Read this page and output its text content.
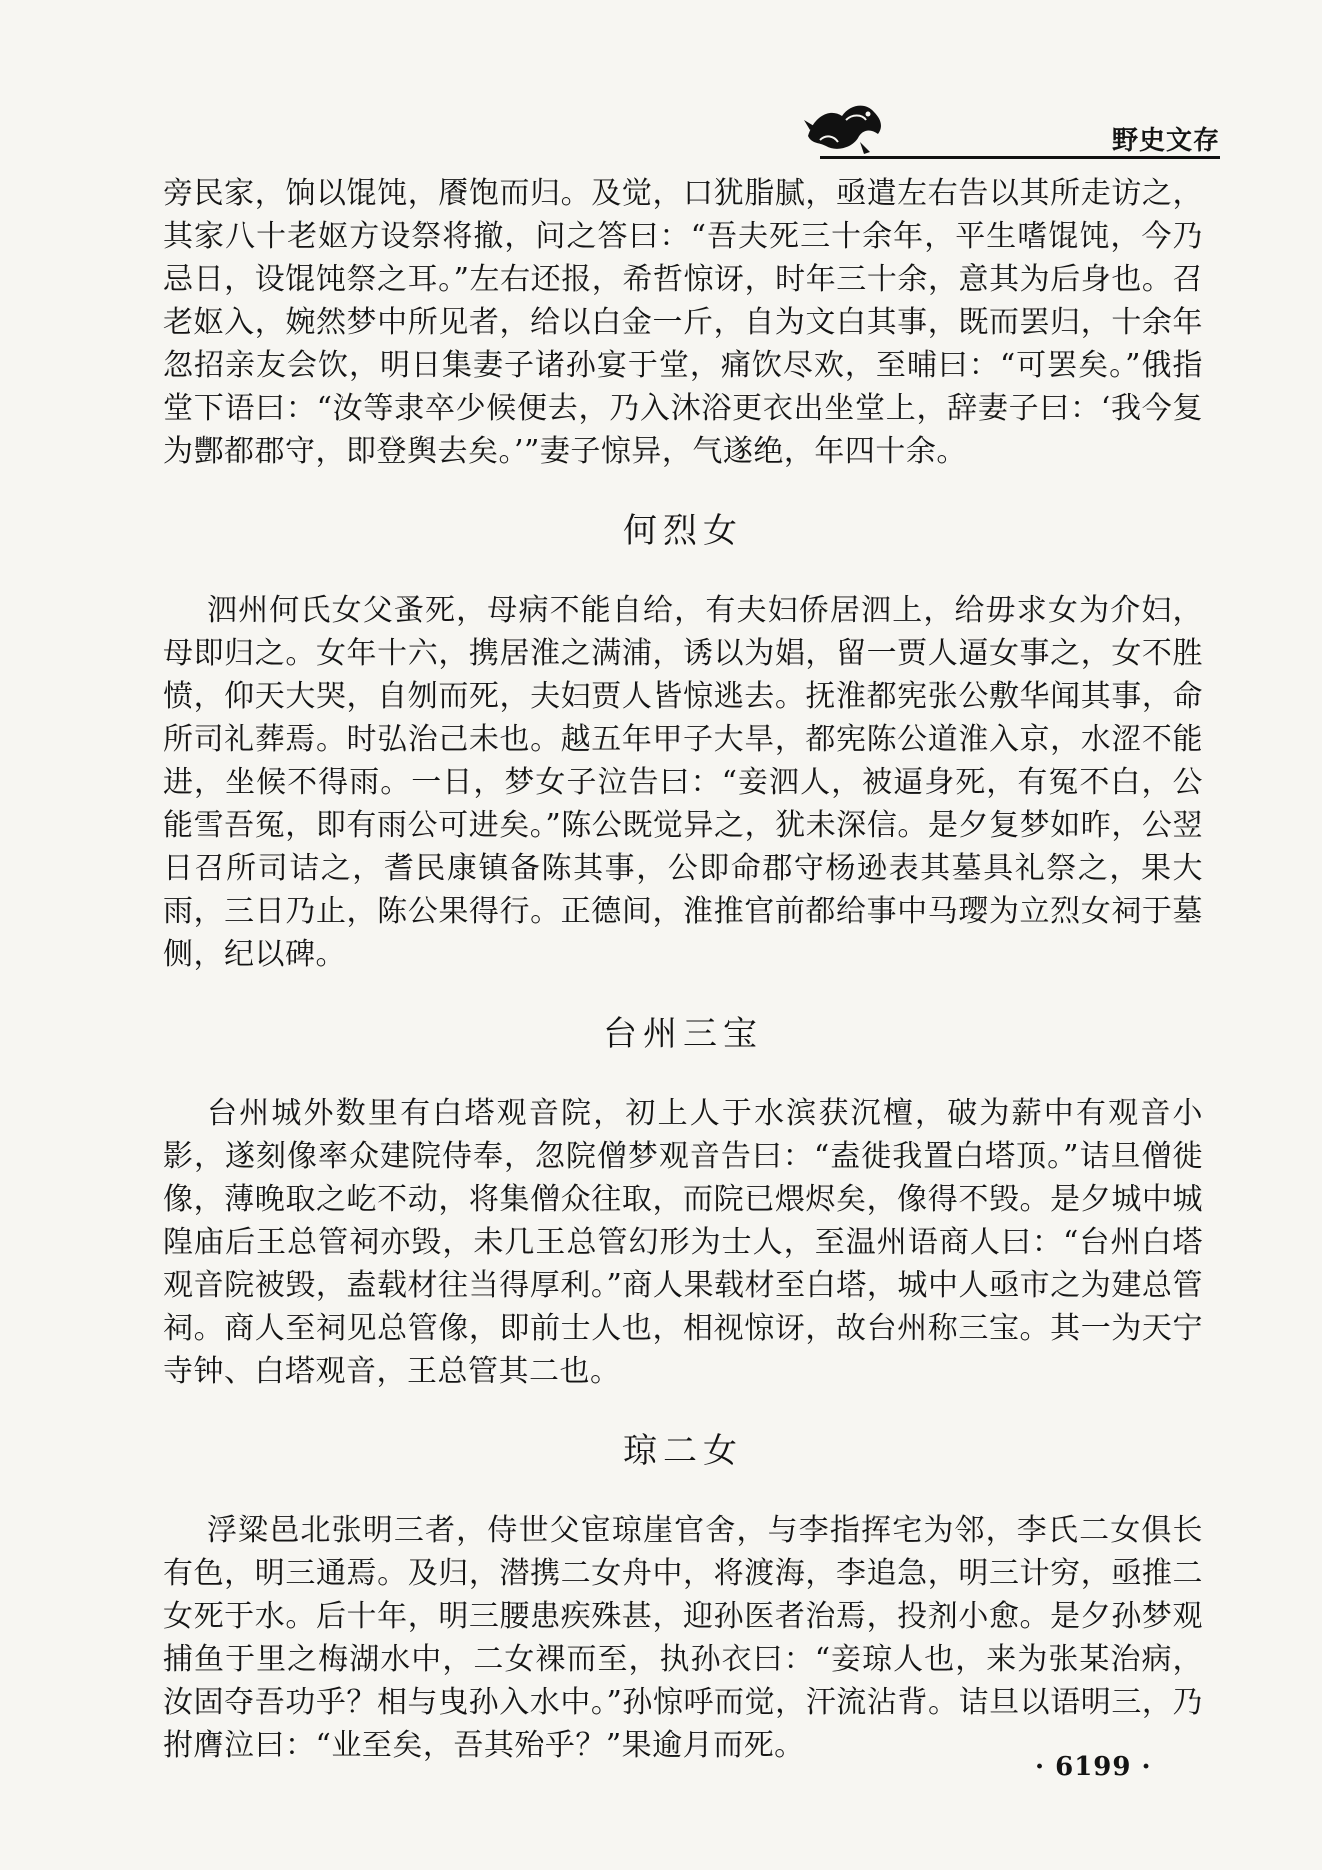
野史文存

旁民家，饷以馄饨，餍饱而归。及觉，口犹脂腻，亟遣左右告以其所走访之，其家八十老妪方设祭将撤，问之答曰：“吾夫死三十余年，平生嗜馄饨，今乃忌日，设馄饨祭之耳。”左右还报，希哲惊讶，时年三十余，意其为后身也。召老妪入，婉然梦中所见者，给以白金一斤，自为文白其事，既而罢归，十余年忽招亲友会饮，明日集妻子诸孙宴于堂，痛饮尽欢，至晡曰：“可罢矣。”俄指堂下语曰：“汝等隶卒少候便去，乃入沐浴更衣出坐堂上，辞妻子曰：‘我今复为酆都郡守，即登舆去矣。’”妻子惊异，气遂绝，年四十余。

何烈女

泗州何氏女父蚤死，母病不能自给，有夫妇侨居泗上，给毋求女为介妇，母即归之。女年十六，携居淮之满浦，诱以为娼，留一贾人逼女事之，女不胜愤，仰天大哭，自刎而死，夫妇贾人皆惊逃去。抚淮都宪张公敷华闻其事，命所司礼葬焉。时弘治己未也。越五年甲子大旱，都宪陈公道淮入京，水涩不能进，坐候不得雨。一日，梦女子泣告曰：“妾泗人，被逼身死，有冤不白，公能雪吾冤，即有雨公可进矣。”陈公既觉异之，犹未深信。是夕复梦如昨，公翌日召所司诘之，耆民康镇备陈其事，公即命郡守杨逊表其墓具礼祭之，果大雨，三日乃止，陈公果得行。正德间，淮推官前都给事中马璎为立烈女祠于墓侧，纪以碑。

台州三宝

台州城外数里有白塔观音院，初上人于水滨获沉檀，破为薪中有观音小影，遂刻像率众建院侍奉，忽院僧梦观音告曰：“盍徙我置白塔顶。”诘旦僧徙像，薄晚取之屹不动，将集僧众往取，而院已煨烬矣，像得不毁。是夕城中城隍庙后王总管祠亦毁，未几王总管幻形为士人，至温州语商人曰：“台州白塔观音院被毁，盍载材往当得厚利。”商人果载材至白塔，城中人亟市之为建总管祠。商人至祠见总管像，即前士人也，相视惊讶，故台州称三宝。其一为天宁寺钟、白塔观音，王总管其二也。

琼二女

浮粱邑北张明三者，侍世父宦琼崖官舍，与李指挥宅为邻，李氏二女俱长有色，明三通焉。及归，潜携二女舟中，将渡海，李追急，明三计穷，亟推二女死于水。后十年，明三腰患疾殊甚，迎孙医者治焉，投剂小愈。是夕孙梦观捕鱼于里之梅湖水中，二女裸而至，执孙衣曰：“妾琼人也，来为张某治病，汝固夺吾功乎？相与曳孙入水中。”孙惊呼而觉，汗流沾背。诘旦以语明三，乃拊膺泣曰：“业至矣，吾其殆乎？”果逾月而死。

· 6199 ·
